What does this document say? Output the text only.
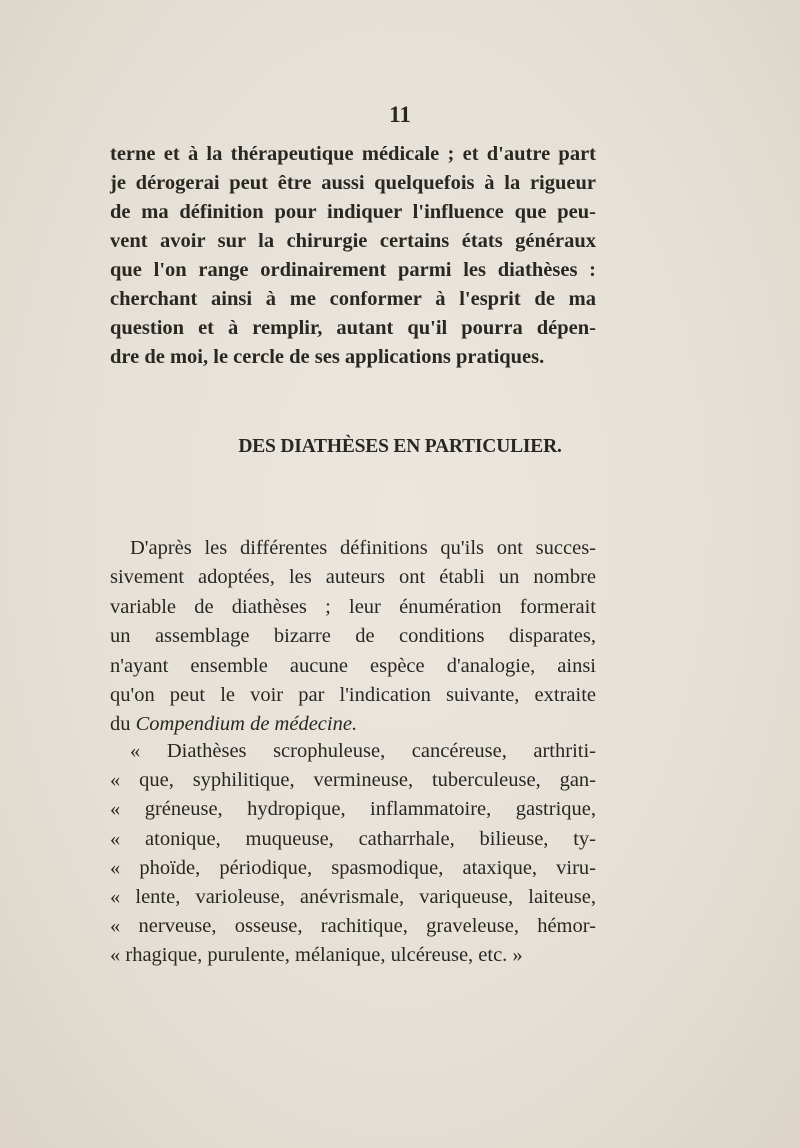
11
terne et à la thérapeutique médicale ; et d'autre part
je dérogerai peut être aussi quelquefois à la rigueur
de ma définition pour indiquer l'influence que peu-
vent avoir sur la chirurgie certains états généraux
que l'on range ordinairement parmi les diathèses :
cherchant ainsi à me conformer à l'esprit de ma
question et à remplir, autant qu'il pourra dépen-
dre de moi, le cercle de ses applications pratiques.
DES DIATHÈSES EN PARTICULIER.
D'après les différentes définitions qu'ils ont succes-
sivement adoptées, les auteurs ont établi un nombre
variable de diathèses ; leur énumération formerait
un assemblage bizarre de conditions disparates,
n'ayant ensemble aucune espèce d'analogie, ainsi
qu'on peut le voir par l'indication suivante, extraite
du Compendium de médecine.
« Diathèses scrophuleuse, cancéreuse, arthriti-
« que, syphilitique, vermineuse, tuberculeuse, gan-
« gréneuse, hydropique, inflammatoire, gastrique,
« atonique, muqueuse, catharrhale, bilieuse, ty-
« phoïde, périodique, spasmodique, ataxique, viru-
« lente, varioleuse, anévrismale, variqueuse, laiteuse,
« nerveuse, osseuse, rachitique, graveleuse, hémor-
« rhagique, purulente, mélanique, ulcéreuse, etc. »
